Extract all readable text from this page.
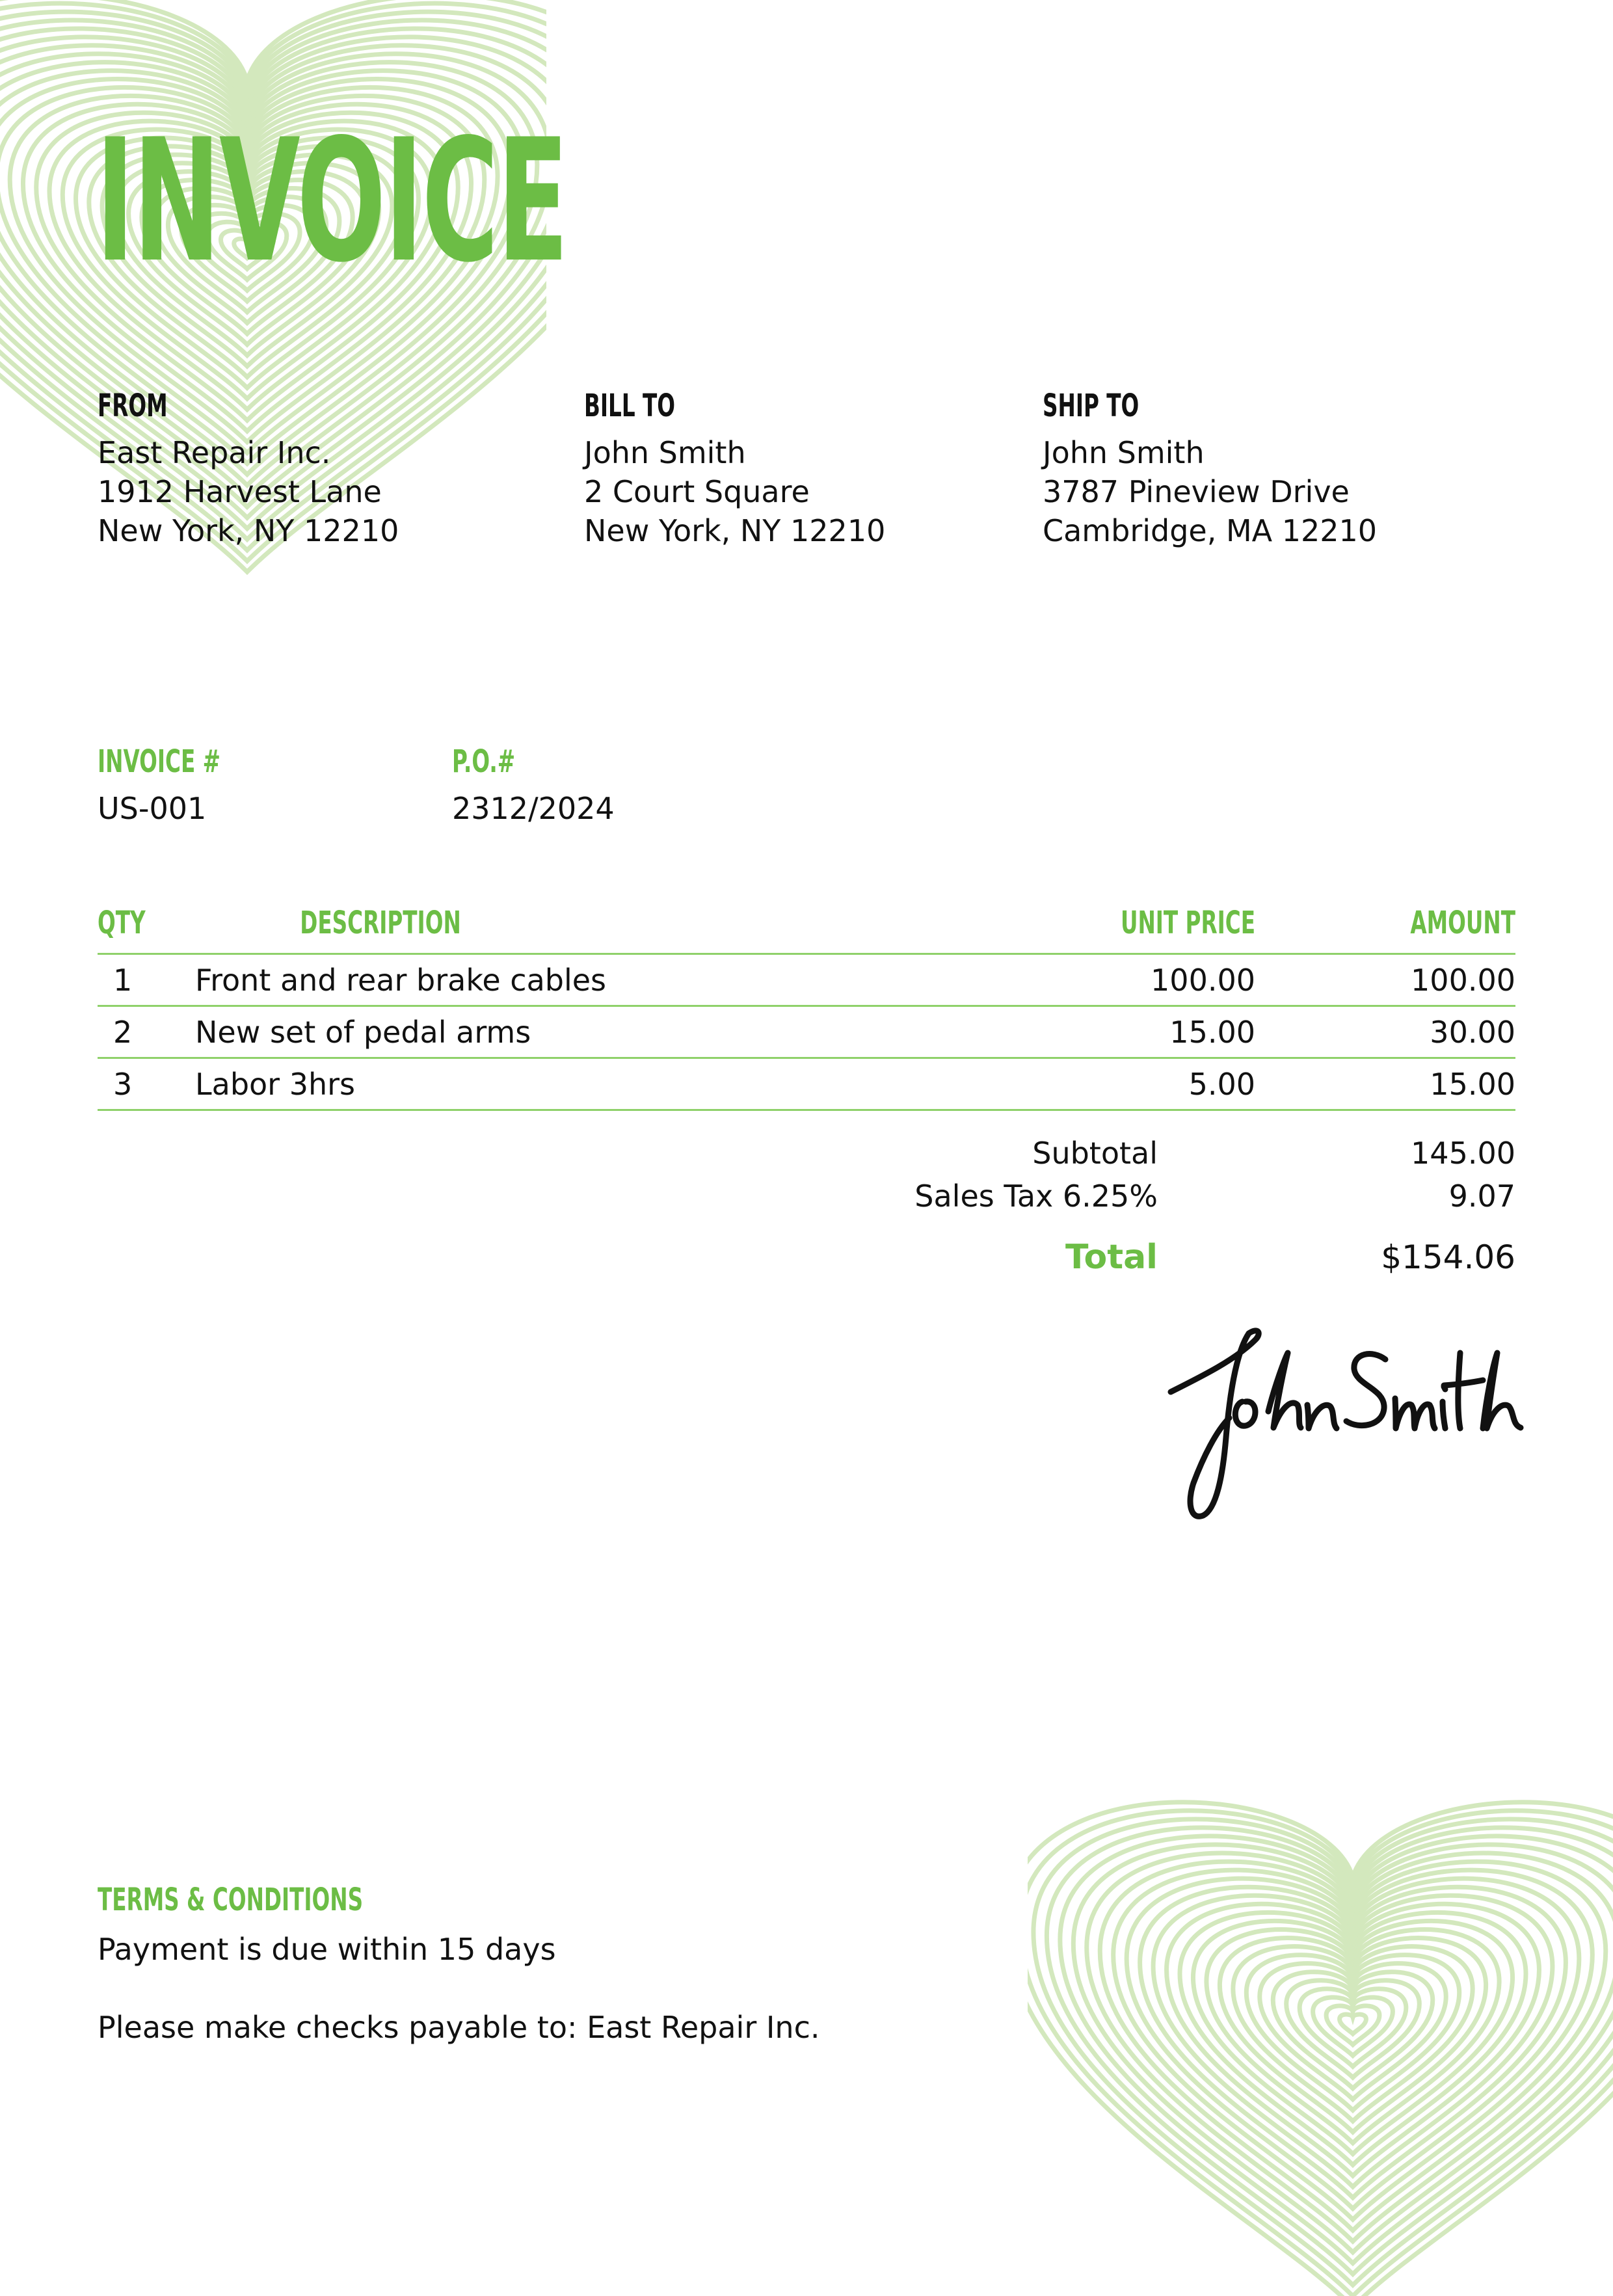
INVOICE
FROM
East Repair Inc.
1912 Harvest Lane
New York, NY 12210
BILL TO
John Smith
2 Court Square
New York, NY 12210
SHIP TO
John Smith
3787 Pineview Drive
Cambridge, MA 12210
INVOICE #
US-001
P.O.#
2312/2024
QTY	DESCRIPTION	UNIT PRICE	AMOUNT

1	Front and rear brake cables	100.00	100.00
2	New set of pedal arms	15.00	30.00
3	Labor 3hrs	5.00	15.00
Subtotal	145.00
Sales Tax 6.25%	9.07
Total	$154.06
TERMS & CONDITIONS
Payment is due within 15 days
Please make checks payable to: East Repair Inc.
